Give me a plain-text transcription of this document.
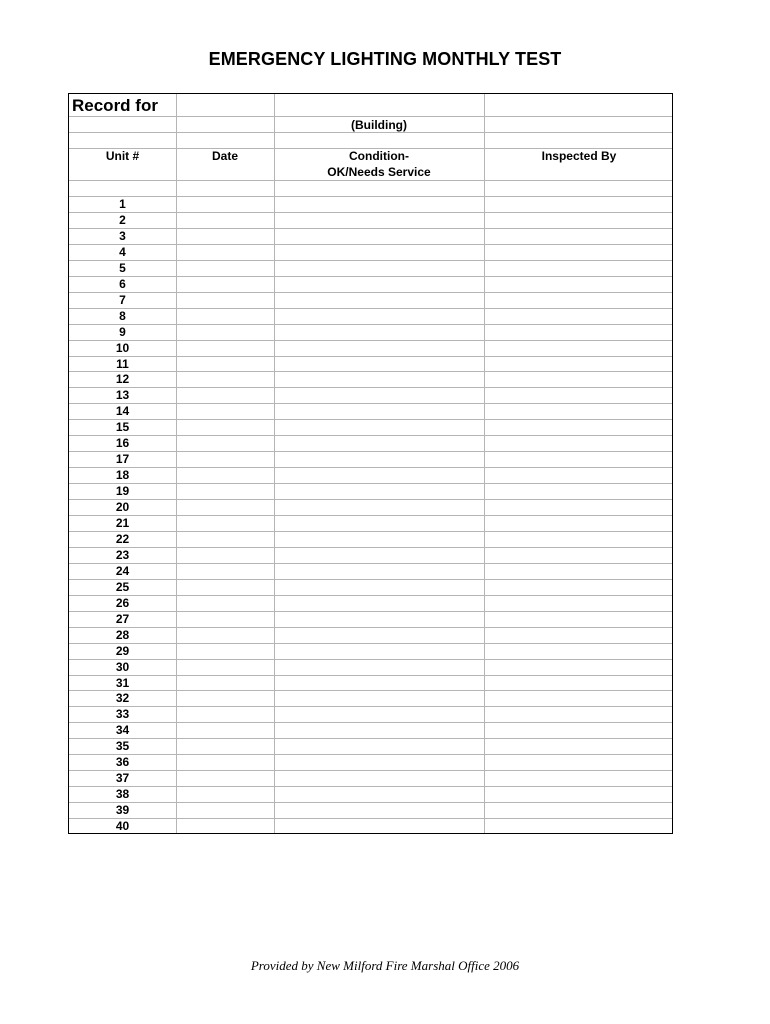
EMERGENCY LIGHTING MONTHLY TEST
Record for
(Building)
Unit #	Date	Condition-
OK/Needs Service
Inspected By
1
2
3
4
5
6
7
8
9
10
11
12
13
14
15
16
17
18
19
20
21
22
23
24
25
26
27
28
29
30
31
32
33
34
35
36
37
38
39
40
Provided by New Milford Fire Marshal Office 2006
